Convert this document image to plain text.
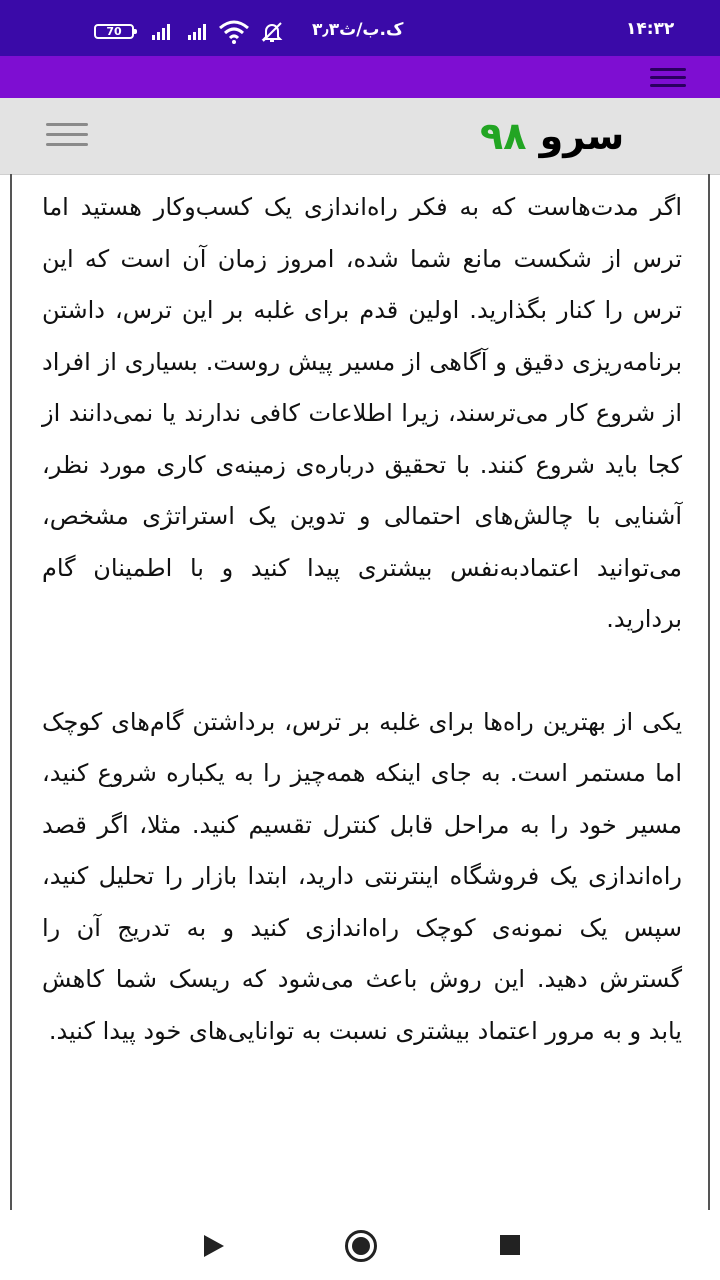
۱۴:۳۲
۳٫۳ک.ب/ث
70
سرو ۹۸

اگر مدت‌هاست که به فکر راه‌اندازی یک کسب‌وکار هستید اما ترس از شکست مانع شما شده، امروز زمان آن است که این ترس را کنار بگذارید. اولین قدم برای غلبه بر این ترس، داشتن برنامه‌ریزی دقیق و آگاهی از مسیر پیش روست. بسیاری از افراد از شروع کار می‌ترسند، زیرا اطلاعات کافی ندارند یا نمی‌دانند از کجا باید شروع کنند. با تحقیق درباره‌ی زمینه‌ی کاری مورد نظر، آشنایی با چالش‌های احتمالی و تدوین یک استراتژی مشخص، می‌توانید اعتمادبه‌نفس بیشتری پیدا کنید و با اطمینان گام بردارید.

یکی از بهترین راه‌ها برای غلبه بر ترس، برداشتن گام‌های کوچک اما مستمر است. به جای اینکه همه‌چیز را به یکباره شروع کنید، مسیر خود را به مراحل قابل کنترل تقسیم کنید. مثلا، اگر قصد راه‌اندازی یک فروشگاه اینترنتی دارید، ابتدا بازار را تحلیل کنید، سپس یک نمونه‌ی کوچک راه‌اندازی کنید و به تدریج آن را گسترش دهید. این روش باعث می‌شود که ریسک شما کاهش یابد و به مرور اعتماد بیشتری نسبت به توانایی‌های خود پیدا کنید.
